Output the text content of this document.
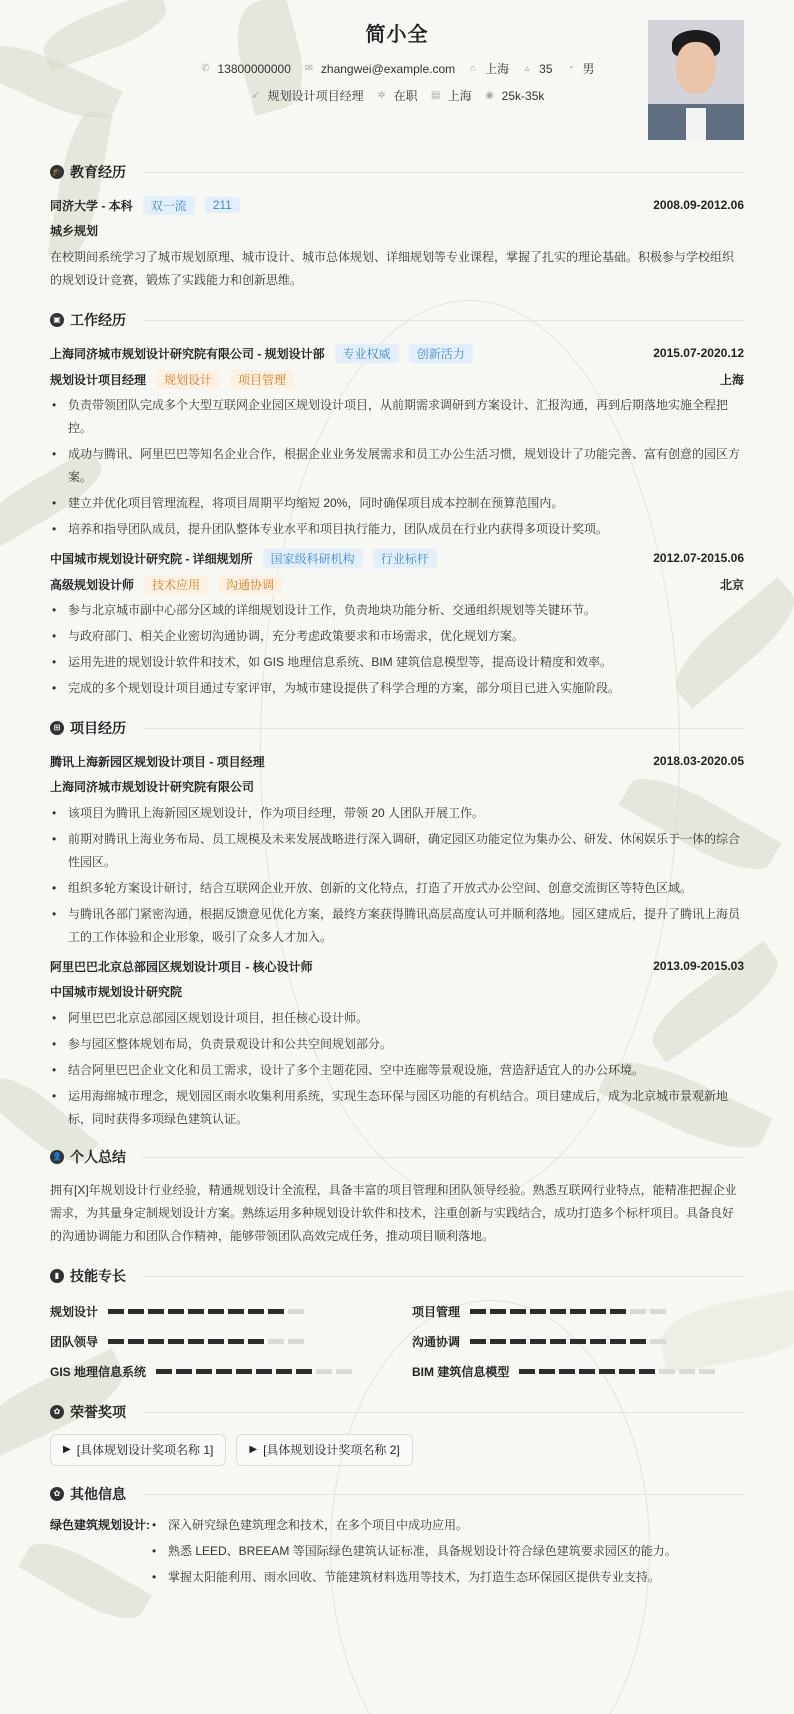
简小全
✆ 13800000000 ✉ zhangwei@example.com ⌂ 上海	▵ 35 ◔ 男
➶ 规划设计项目经理 ✲ 在职 ▤ 上海 ◉ 25k-35k
🎓 教育经历
同济大学 - 本科	双一流	211	2008.09-2012.06
城乡规划
在校期间系统学习了城市规划原理、城市设计、城市总体规划、详细规划等专业课程，掌握了扎实的理论基础。积极参与学校组织的规划设计竞赛，锻炼了实践能力和创新思维。
▣ 工作经历
上海同济城市规划设计研究院有限公司 - 规划设计部	专业权威	创新活力	2015.07-2020.12
规划设计项目经理	规划设计	项目管理	上海
• 负责带领团队完成多个大型互联网企业园区规划设计项目，从前期需求调研到方案设计、汇报沟通，再到后期落地实施全程把控。
• 成功与腾讯、阿里巴巴等知名企业合作，根据企业业务发展需求和员工办公生活习惯，规划设计了功能完善、富有创意的园区方案。
• 建立并优化项目管理流程，将项目周期平均缩短 20%，同时确保项目成本控制在预算范围内。
• 培养和指导团队成员，提升团队整体专业水平和项目执行能力，团队成员在行业内获得多项设计奖项。
中国城市规划设计研究院 - 详细规划所	国家级科研机构	行业标杆	2012.07-2015.06
高级规划设计师	技术应用	沟通协调	北京
• 参与北京城市副中心部分区域的详细规划设计工作，负责地块功能分析、交通组织规划等关键环节。
• 与政府部门、相关企业密切沟通协调，充分考虑政策要求和市场需求，优化规划方案。
• 运用先进的规划设计软件和技术，如 GIS 地理信息系统、BIM 建筑信息模型等，提高设计精度和效率。
• 完成的多个规划设计项目通过专家评审，为城市建设提供了科学合理的方案，部分项目已进入实施阶段。
⊞ 项目经历
腾讯上海新园区规划设计项目 - 项目经理	2018.03-2020.05
上海同济城市规划设计研究院有限公司
• 该项目为腾讯上海新园区规划设计，作为项目经理，带领 20 人团队开展工作。
• 前期对腾讯上海业务布局、员工规模及未来发展战略进行深入调研，确定园区功能定位为集办公、研发、休闲娱乐于一体的综合性园区。
• 组织多轮方案设计研讨，结合互联网企业开放、创新的文化特点，打造了开放式办公空间、创意交流街区等特色区域。
• 与腾讯各部门紧密沟通，根据反馈意见优化方案，最终方案获得腾讯高层高度认可并顺利落地。园区建成后，提升了腾讯上海员工的工作体验和企业形象，吸引了众多人才加入。
阿里巴巴北京总部园区规划设计项目 - 核心设计师	2013.09-2015.03
中国城市规划设计研究院
• 阿里巴巴北京总部园区规划设计项目，担任核心设计师。
• 参与园区整体规划布局，负责景观设计和公共空间规划部分。
• 结合阿里巴巴企业文化和员工需求，设计了多个主题花园、空中连廊等景观设施，营造舒适宜人的办公环境。
• 运用海绵城市理念，规划园区雨水收集利用系统，实现生态环保与园区功能的有机结合。项目建成后，成为北京城市景观新地标，同时获得多项绿色建筑认证。
👤 个人总结
拥有[X]年规划设计行业经验，精通规划设计全流程，具备丰富的项目管理和团队领导经验。熟悉互联网行业特点，能精准把握企业需求，为其量身定制规划设计方案。熟练运用多种规划设计软件和技术，注重创新与实践结合，成功打造多个标杆项目。具备良好的沟通协调能力和团队合作精神，能够带领团队高效完成任务，推动项目顺利落地。
▮ 技能专长
规划设计	项目管理
团队领导	沟通协调
GIS 地理信息系统	BIM 建筑信息模型
✿ 荣誉奖项
▶ [具体规划设计奖项名称 1]	▶ [具体规划设计奖项名称 2]
✿ 其他信息
绿色建筑规划设计:	• 深入研究绿色建筑理念和技术，在多个项目中成功应用。
• 熟悉 LEED、BREEAM 等国际绿色建筑认证标准，具备规划设计符合绿色建筑要求园区的能力。
• 掌握太阳能利用、雨水回收、节能建筑材料选用等技术，为打造生态环保园区提供专业支持。
